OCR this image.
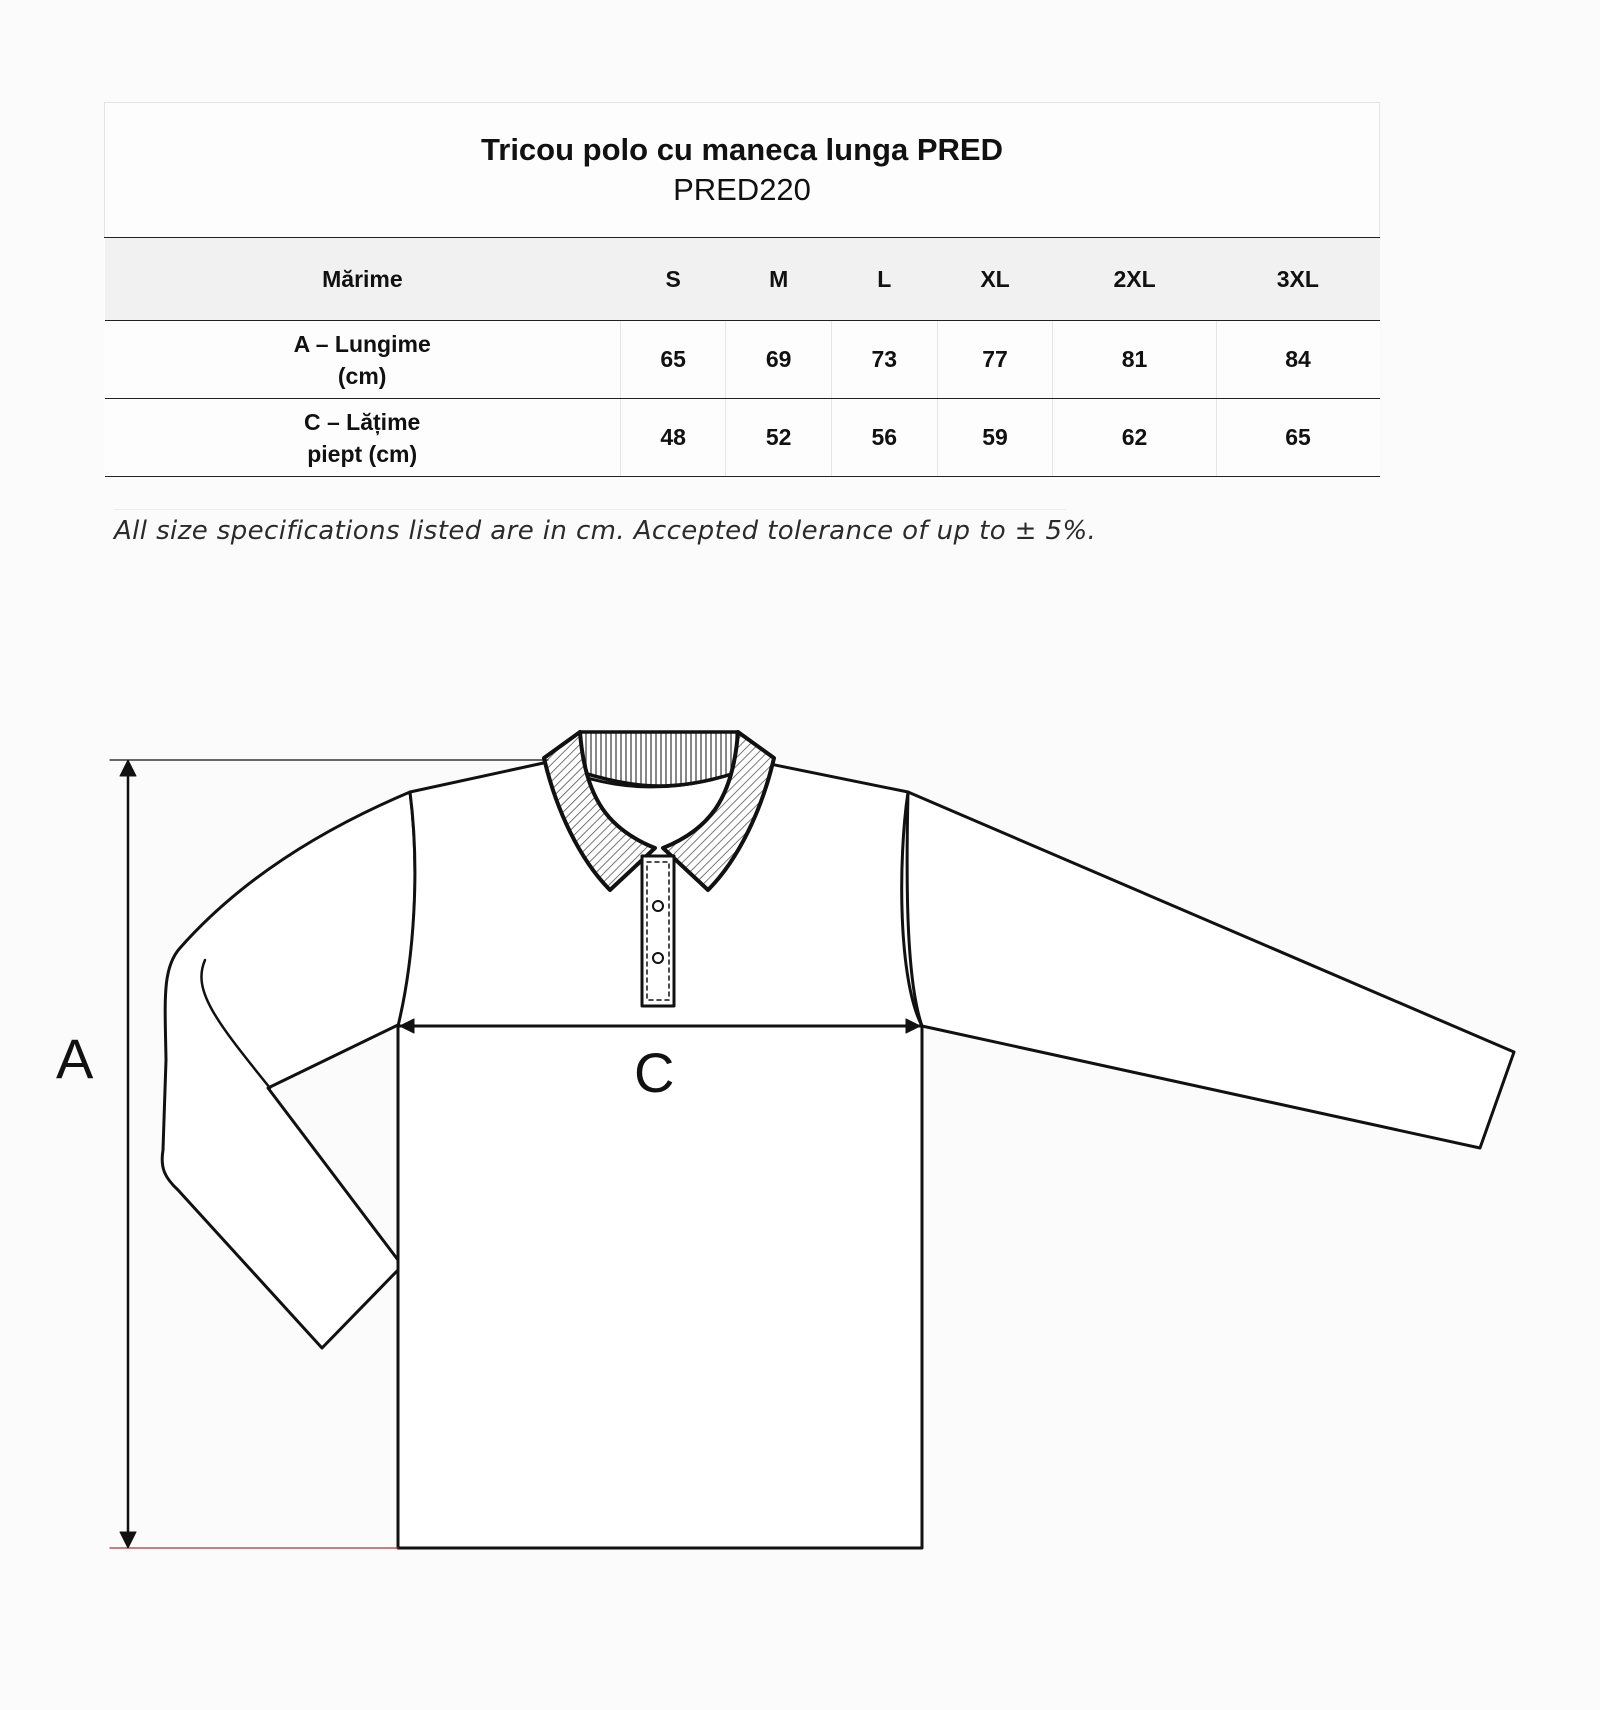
Tricou polo cu maneca lunga PRED
PRED220						

Mărime	S	M	L	XL	2XL	3XL
A – Lungime
(cm)	65	69	73	77	81	84
C – Lățime
piept (cm)	48	52	56	59	62	65
All size specifications listed are in cm. Accepted tolerance of up to ± 5%.
A	C
